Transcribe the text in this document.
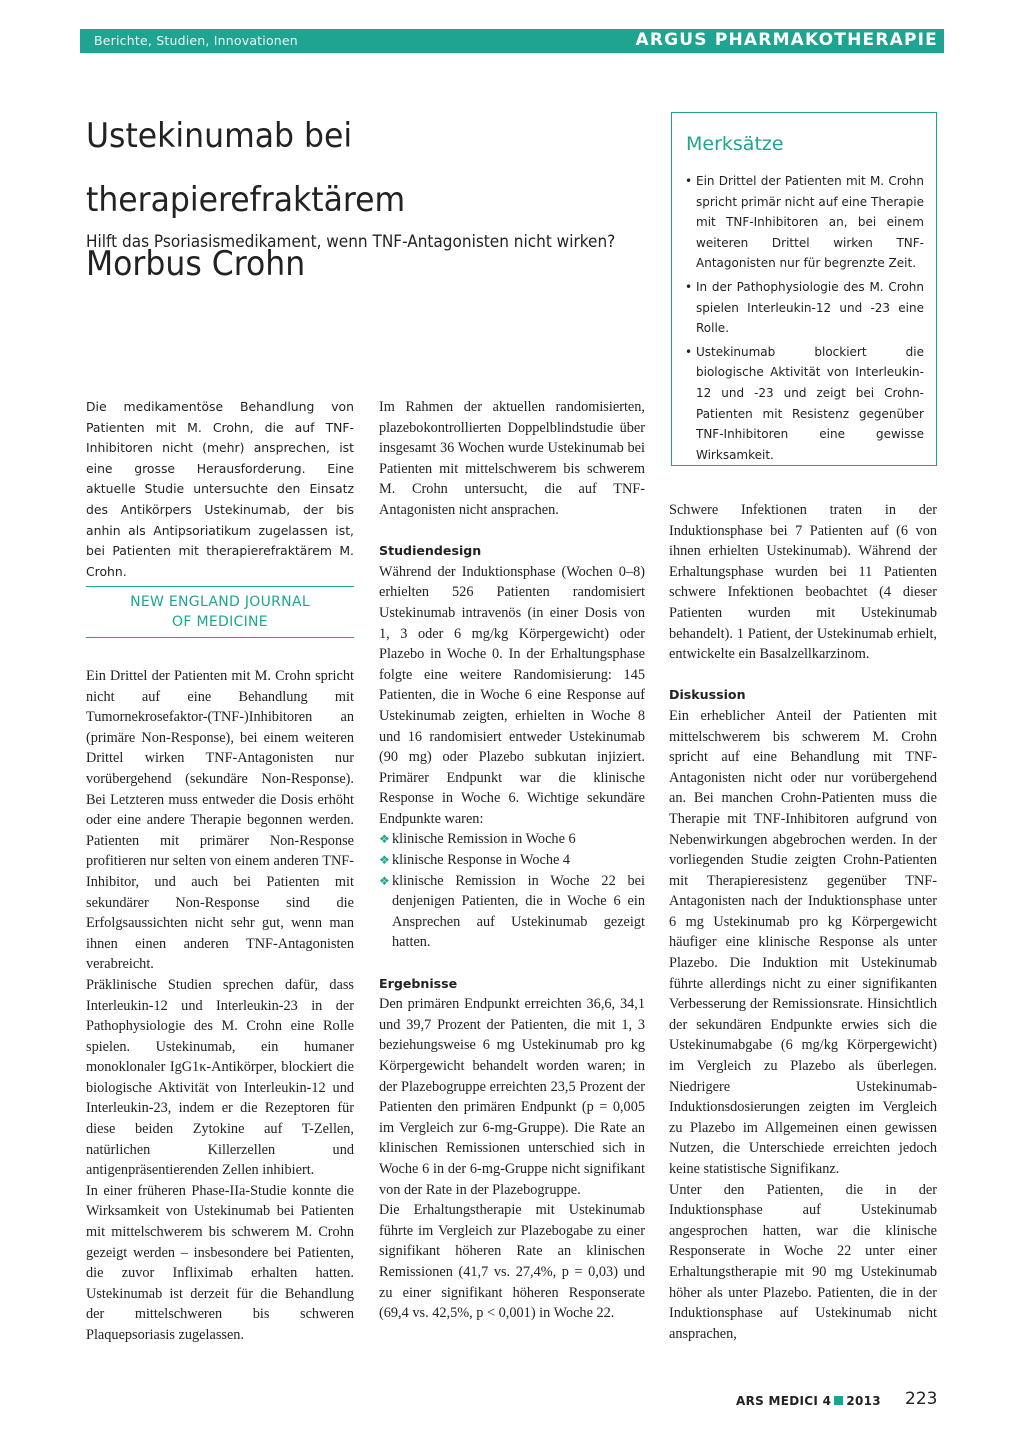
Berichte, Studien, Innovationen	ARGUS PHARMAKOTHERAPIE
Ustekinumab bei therapierefraktärem
Morbus Crohn

Hilft das Psoriasismedikament, wenn TNF-Antagonisten nicht wirken?

Merksätze
• Ein Drittel der Patienten mit M. Crohn spricht primär nicht auf eine Therapie mit TNF-Inhibitoren an, bei einem weiteren Drittel wirken TNF-Antagonisten nur für begrenzte Zeit.
• In der Pathophysiologie des M. Crohn spielen Interleukin-12 und -23 eine Rolle.
• Ustekinumab blockiert die biologische Aktivität von Interleukin-12 und -23 und zeigt bei Crohn-Patienten mit Resistenz gegenüber TNF-Inhibitoren eine gewisse Wirksamkeit.

Die medikamentöse Behandlung von Patienten mit M. Crohn, die auf TNF-Inhibitoren nicht (mehr) ansprechen, ist eine grosse Herausforderung. Eine aktuelle Studie untersuchte den Einsatz des Antikörpers Ustekinumab, der bis anhin als Antipsoriatikum zugelassen ist, bei Patienten mit therapierefraktärem M. Crohn.

NEW ENGLAND JOURNAL
OF MEDICINE

Ein Drittel der Patienten mit M. Crohn spricht nicht auf eine Behandlung mit Tumornekrosefaktor-(TNF-)Inhibitoren an (primäre Non-Response), bei einem weiteren Drittel wirken TNF-Antagonisten nur vorübergehend (sekundäre Non-Response). Bei Letzteren muss entweder die Dosis erhöht oder eine andere Therapie begonnen werden. Patienten mit primärer Non-Response profitieren nur selten von einem anderen TNF-Inhibitor, und auch bei Patienten mit sekundärer Non-Response sind die Erfolgsaussichten nicht sehr gut, wenn man ihnen einen anderen TNF-Antagonisten verabreicht.

Präklinische Studien sprechen dafür, dass Interleukin-12 und Interleukin-23 in der Pathophysiologie des M. Crohn eine Rolle spielen. Ustekinumab, ein humaner monoklonaler IgG1κ-Antikörper, blockiert die biologische Aktivität von Interleukin-12 und Interleukin-23, indem er die Rezeptoren für diese beiden Zytokine auf T-Zellen, natürlichen Killerzellen und antigenpräsentierenden Zellen inhibiert.

In einer früheren Phase-IIa-Studie konnte die Wirksamkeit von Ustekinumab bei Patienten mit mittelschwerem bis schwerem M. Crohn gezeigt werden – insbesondere bei Patienten, die zuvor Infliximab erhalten hatten. Ustekinumab ist derzeit für die Behandlung der mittelschweren bis schweren Plaquepsoriasis zugelassen.

Im Rahmen der aktuellen randomisierten, plazebokontrollierten Doppelblindstudie über insgesamt 36 Wochen wurde Ustekinumab bei Patienten mit mittelschwerem bis schwerem M. Crohn untersucht, die auf TNF-Antagonisten nicht ansprachen.

Studiendesign

Während der Induktionsphase (Wochen 0–8) erhielten 526 Patienten randomisiert Ustekinumab intravenös (in einer Dosis von 1, 3 oder 6 mg/kg Körpergewicht) oder Plazebo in Woche 0. In der Erhaltungsphase folgte eine weitere Randomisierung: 145 Patienten, die in Woche 6 eine Response auf Ustekinumab zeigten, erhielten in Woche 8 und 16 randomisiert entweder Ustekinumab (90 mg) oder Plazebo subkutan injiziert. Primärer Endpunkt war die klinische Response in Woche 6. Wichtige sekundäre Endpunkte waren:

❖ klinische Remission in Woche 6
❖ klinische Response in Woche 4
❖ klinische Remission in Woche 22 bei denjenigen Patienten, die in Woche 6 ein Ansprechen auf Ustekinumab gezeigt hatten.
Ergebnisse

Den primären Endpunkt erreichten 36,6, 34,1 und 39,7 Prozent der Patienten, die mit 1, 3 beziehungsweise 6 mg Ustekinumab pro kg Körpergewicht behandelt worden waren; in der Plazebogruppe erreichten 23,5 Prozent der Patienten den primären Endpunkt (p = 0,005 im Vergleich zur 6-mg-Gruppe). Die Rate an klinischen Remissionen unterschied sich in Woche 6 in der 6-mg-Gruppe nicht signifikant von der Rate in der Plazebogruppe.

Die Erhaltungstherapie mit Ustekinumab führte im Vergleich zur Plazebogabe zu einer signifikant höheren Rate an klinischen Remissionen (41,7 vs. 27,4%, p = 0,03) und zu einer signifikant höheren Responserate (69,4 vs. 42,5%, p < 0,001) in Woche 22.

Schwere Infektionen traten in der Induktionsphase bei 7 Patienten auf (6 von ihnen erhielten Ustekinumab). Während der Erhaltungsphase wurden bei 11 Patienten schwere Infektionen beobachtet (4 dieser Patienten wurden mit Ustekinumab behandelt). 1 Patient, der Ustekinumab erhielt, entwickelte ein Basalzellkarzinom.

Diskussion

Ein erheblicher Anteil der Patienten mit mittelschwerem bis schwerem M. Crohn spricht auf eine Behandlung mit TNF-Antagonisten nicht oder nur vorübergehend an. Bei manchen Crohn-Patienten muss die Therapie mit TNF-Inhibitoren aufgrund von Nebenwirkungen abgebrochen werden. In der vorliegenden Studie zeigten Crohn-Patienten mit Therapieresistenz gegenüber TNF-Antagonisten nach der Induktionsphase unter 6 mg Ustekinumab pro kg Körpergewicht häufiger eine klinische Response als unter Plazebo. Die Induktion mit Ustekinumab führte allerdings nicht zu einer signifikanten Verbesserung der Remissionsrate. Hinsichtlich der sekundären Endpunkte erwies sich die Ustekinumabgabe (6 mg/kg Körpergewicht) im Vergleich zu Plazebo als überlegen. Niedrigere Ustekinumab-Induktionsdosierungen zeigten im Vergleich zu Plazebo im Allgemeinen einen gewissen Nutzen, die Unterschiede erreichten jedoch keine statistische Signifikanz.

Unter den Patienten, die in der Induktionsphase auf Ustekinumab angesprochen hatten, war die klinische Responserate in Woche 22 unter einer Erhaltungstherapie mit 90 mg Ustekinumab höher als unter Plazebo. Patienten, die in der Induktionsphase auf Ustekinumab nicht ansprachen,

ARS MEDICI 4 2013 223
